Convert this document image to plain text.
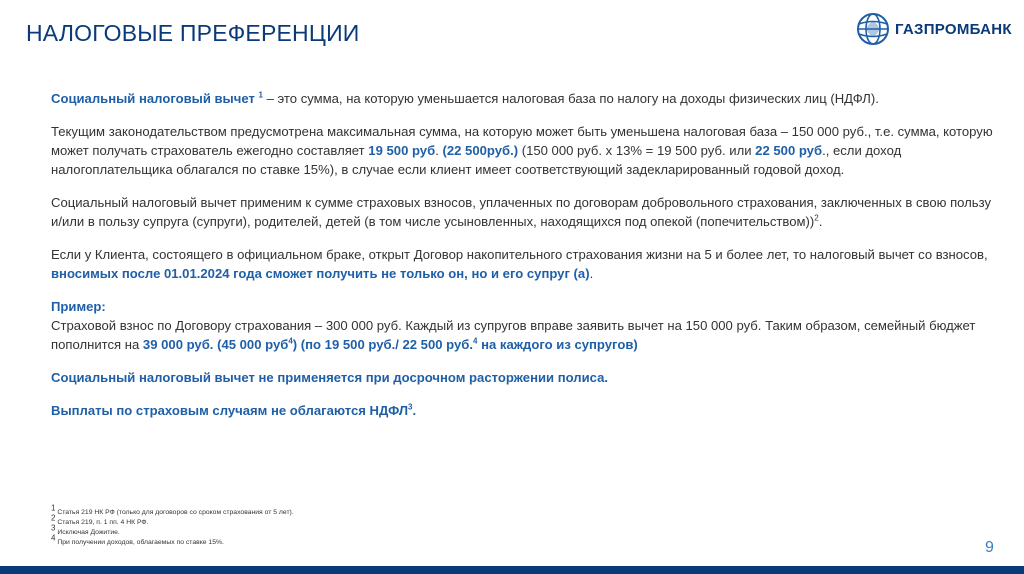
НАЛОГОВЫЕ ПРЕФЕРЕНЦИИ	ГАЗПРОМБАНК

Социальный налоговый вычет $^1$ – это сумма, на которую уменьшается налоговая база по налогу на доходы физических лиц (НДФЛ).

Текущим законодательством предусмотрена максимальная сумма, на которую может быть уменьшена налоговая база – 150 000 руб., т.е. сумма, которую может получать страхователь ежегодно составляет 19 500 руб. (22 500руб.) (150 000 руб. х 13% = 19 500 руб. или 22 500 руб., если доход налогоплательщика облагался по ставке 15%), в случае если клиент имеет соответствующий задекларированный годовой доход.

Социальный налоговый вычет применим к сумме страховых взносов, уплаченных по договорам добровольного страхования, заключенных в свою пользу и/или в пользу супруга (супруги), родителей, детей (в том числе усыновленных, находящихся под опекой (попечительством))$^2$.

Если у Клиента, состоящего в официальном браке, открыт Договор накопительного страхования жизни на 5 и более лет, то налоговый вычет со взносов, вносимых после 01.01.2024 года сможет получить не только он, но и его супруг (а).

Пример:
Страховой взнос по Договору страхования – 300 000 руб. Каждый из супругов вправе заявить вычет на 150 000 руб. Таким образом, семейный бюджет пополнится на 39 000 руб. (45 000 руб$^4$) (по 19 500 руб./ 22 500 руб.$^4$ на каждого из супругов)

Социальный налоговый вычет не применяется при досрочном расторжении полиса.

Выплаты по страховым случаям не облагаются НДФЛ$^3$.

$^1$ Статья 219 НК РФ (только для договоров со сроком страхования от 5 лет).
$^2$ Статья 219, п. 1 пп. 4 НК РФ.
$^3$ Исключая Дожитие.
$^4$ При получении доходов, облагаемых по ставке 15%.	9
